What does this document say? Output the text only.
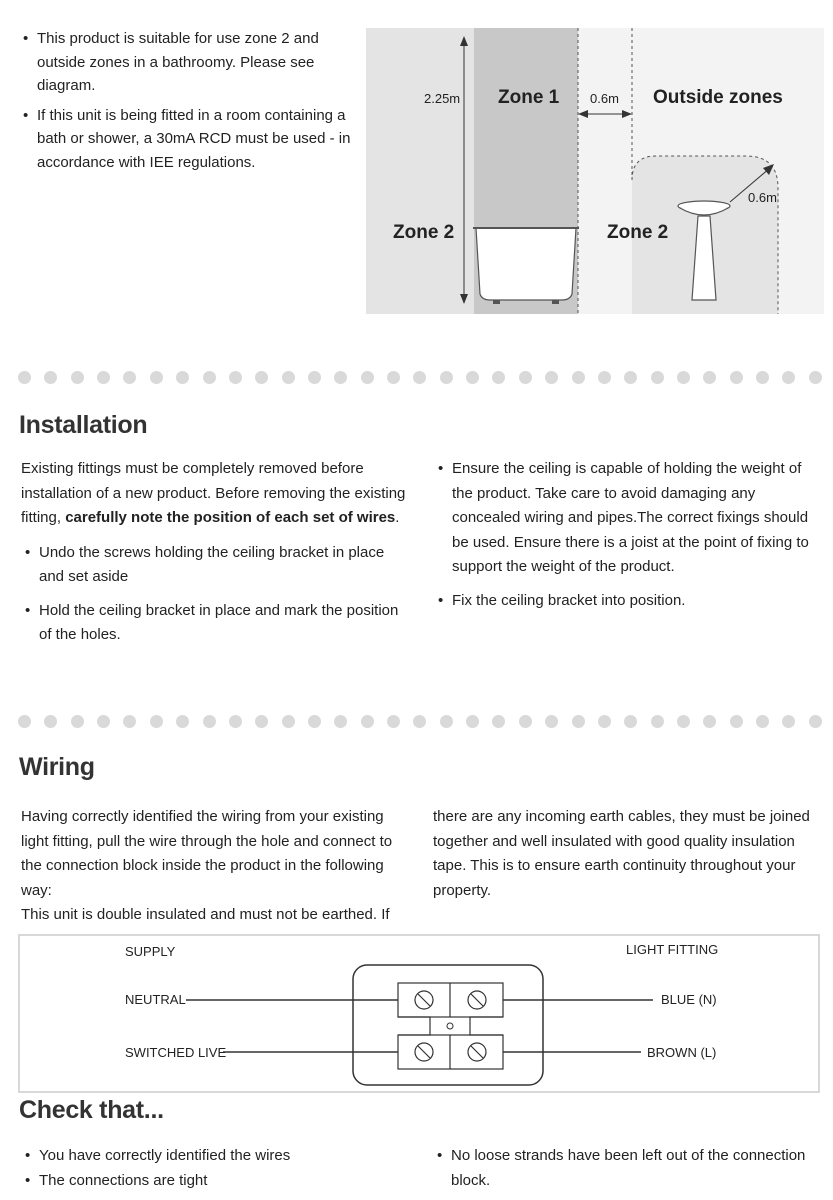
• This product is suitable for use zone 2 and outside zones in a bathroomy. Please see diagram.
• If this unit is being fitted in a room containing a bath or shower, a 30mA RCD must be used - in accordance with IEE regulations.
2.25m Zone 1 0.6m Outside zones
Zone 2	Zone 2
0.6m
Installation

Existing fittings must be completely removed before installation of a new product. Before removing the existing fitting, carefully note the position of each set of wires.

• Undo the screws holding the ceiling bracket in place and set aside
• Hold the ceiling bracket in place and mark the position of the holes.
• Ensure the ceiling is capable of holding the weight of the product. Take care to avoid damaging any concealed wiring and pipes.The correct fixings should be used. Ensure there is a joist at the point of fixing to support the weight of the product.
• Fix the ceiling bracket into position.
Wiring

Having correctly identified the wiring from your existing light fitting, pull the wire through the hole and connect to the connection block inside the product in the following way:

This unit is double insulated and must not be earthed. If

there are any incoming earth cables, they must be joined together and well insulated with good quality insulation tape. This is to ensure earth continuity throughout your property.

SUPPLY	LIGHT FITTING
NEUTRAL
SWITCHED LIVE
BLUE (N)
BROWN (L)
Check that...
• You have correctly identified the wires
• The connections are tight
• No loose strands have been left out of the connection block.
